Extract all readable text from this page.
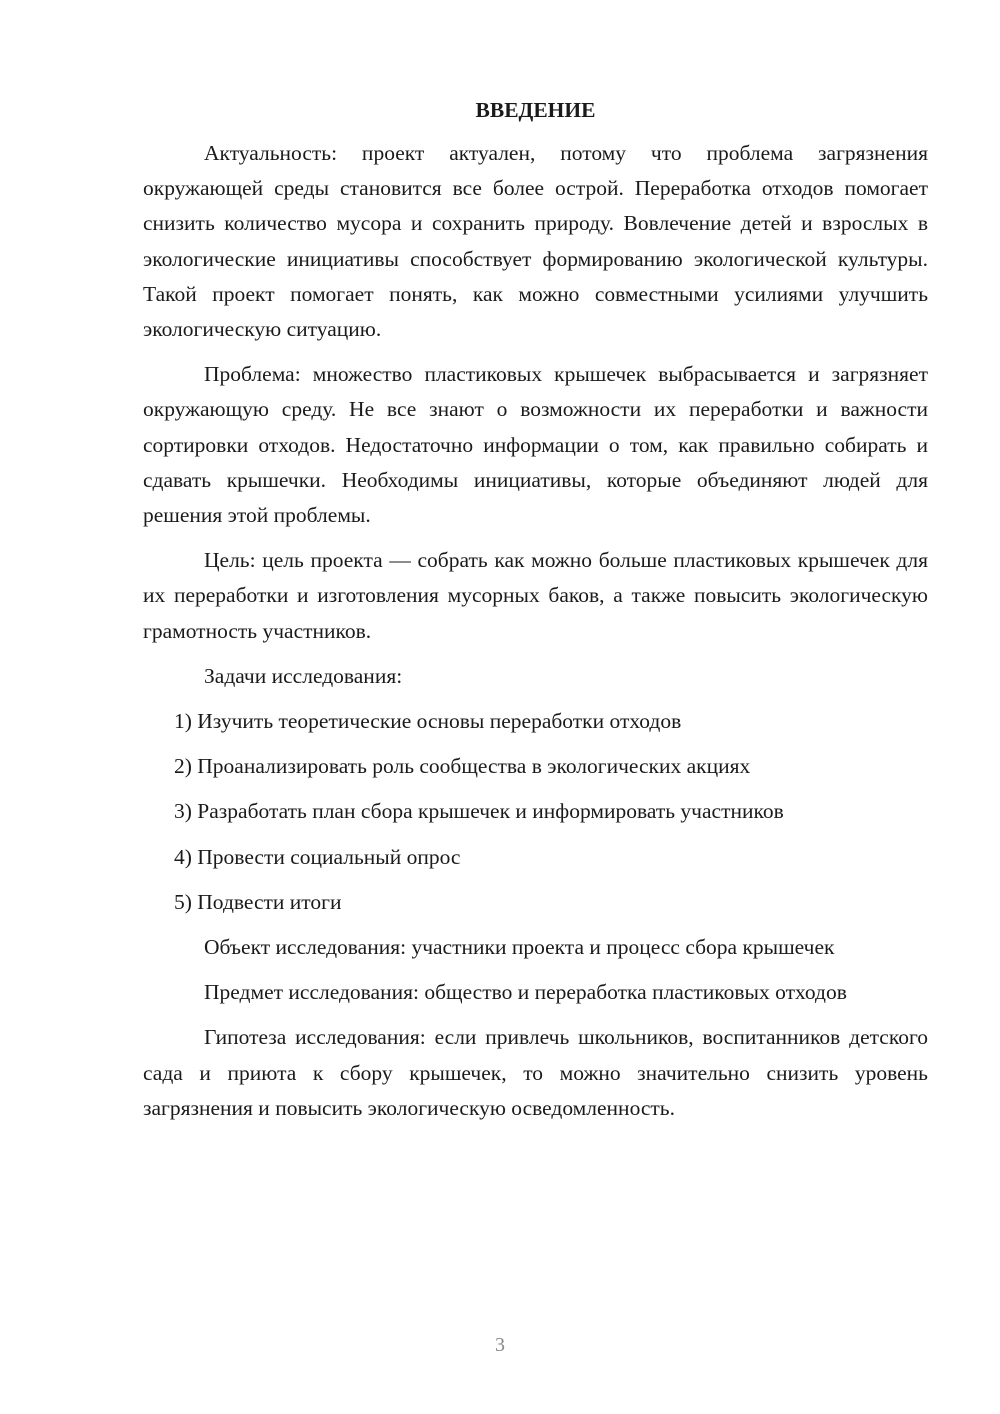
ВВЕДЕНИЕ

Актуальность: проект актуален, потому что проблема загрязнения окружающей среды становится все более острой. Переработка отходов помогает снизить количество мусора и сохранить природу. Вовлечение детей и взрослых в экологические инициативы способствует формированию экологической культуры. Такой проект помогает понять, как можно совместными усилиями улучшить экологическую ситуацию.

Проблема: множество пластиковых крышечек выбрасывается и загрязняет окружающую среду. Не все знают о возможности их переработки и важности сортировки отходов. Недостаточно информации о том, как правильно собирать и сдавать крышечки. Необходимы инициативы, которые объединяют людей для решения этой проблемы.

Цель: цель проекта — собрать как можно больше пластиковых крышечек для их переработки и изготовления мусорных баков, а также повысить экологическую грамотность участников.

Задачи исследования:

1) Изучить теоретические основы переработки отходов
2) Проанализировать роль сообщества в экологических акциях
3) Разработать план сбора крышечек и информировать участников
4) Провести социальный опрос
5) Подвести итоги

Объект исследования: участники проекта и процесс сбора крышечек

Предмет исследования: общество и переработка пластиковых отходов

Гипотеза исследования: если привлечь школьников, воспитанников детского сада и приюта к сбору крышечек, то можно значительно снизить уровень загрязнения и повысить экологическую осведомленность.

3
